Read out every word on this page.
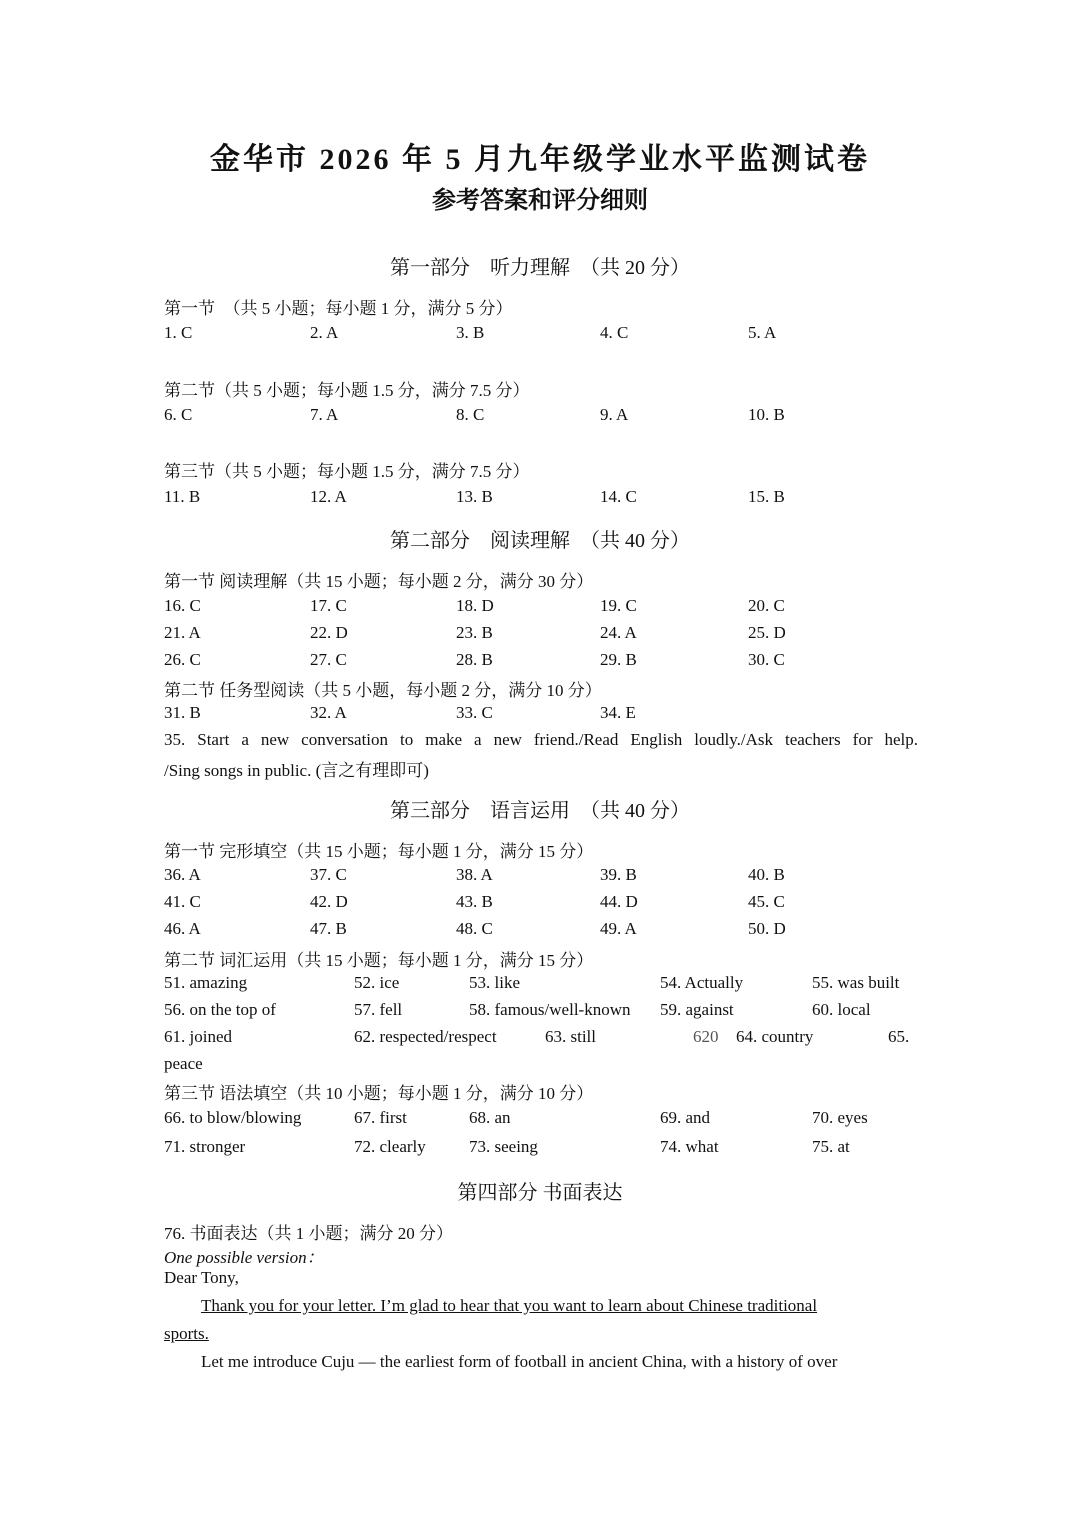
金华市 2026 年 5 月九年级学业水平监测试卷
参考答案和评分细则
第一部分　听力理解　（共 20 分）
第一节　（共 5 小题；每小题 1 分，满分 5 分）
1. C	2. A	3. B	4. C	5. A
第二节（共 5 小题；每小题 1.5 分，满分 7.5 分）
6. C	7. A	8. C	9. A	10. B
第三节（共 5 小题；每小题 1.5 分，满分 7.5 分）
11. B	12. A	13. B	14. C	15. B
第二部分　阅读理解　（共 40 分）
第一节 阅读理解（共 15 小题；每小题 2 分，满分 30 分）
16. C	17. C	18. D	19. C	20. C
21. A	22. D	23. B	24. A	25. D
26. C	27. C	28. B	29. B	30. C
第二节 任务型阅读（共 5 小题，每小题 2 分，满分 10 分）
31. B	32. A	33. C	34. E
35. Start a new conversation to make a new friend./Read English loudly./Ask teachers for help.
/Sing songs in public. (言之有理即可)
第三部分　语言运用　（共 40 分）
第一节 完形填空（共 15 小题；每小题 1 分，满分 15 分）
36. A	37. C	38. A	39. B	40. B
41. C	42. D	43. B	44. D	45. C
46. A	47. B	48. C	49. A	50. D
第二节 词汇运用（共 15 小题；每小题 1 分，满分 15 分）
51. amazing	52. ice	53. like	54. Actually	55. was built
56. on the top of	57. fell	58. famous/well-known 59. against	60. local
61. joined	62. respected/respect	63. still	620 64. country	65.
peace
第三节 语法填空（共 10 小题；每小题 1 分，满分 10 分）
66. to blow/blowing	67. first	68. an	69. and	70. eyes
71. stronger	72. clearly	73. seeing	74. what	75. at
第四部分 书面表达
76. 书面表达（共 1 小题；满分 20 分）
One possible version：
Dear Tony,
Thank you for your letter. I’m glad to hear that you want to learn about Chinese traditional
sports.
Let me introduce Cuju — the earliest form of football in ancient China, with a history of over
